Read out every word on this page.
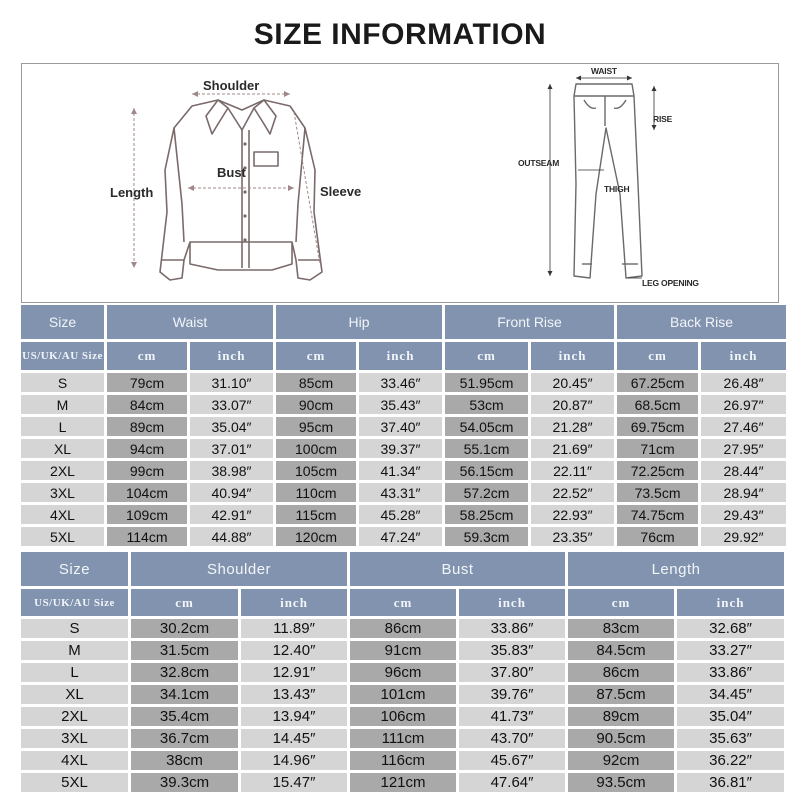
SIZE INFORMATION
Shoulder
Bust
Length	Sleeve
WAIST
RISE
OUTSEAM
THIGH
LEG OPENING
Size	Waist		Hip		Front Rise		Back Rise	
US/UK/AU Size	cm	inch	cm	inch	cm	inch	cm	inch
S	79cm	31.10″	85cm	33.46″	51.95cm	20.45″	67.25cm	26.48″
M	84cm	33.07″	90cm	35.43″	53cm	20.87″	68.5cm	26.97″
L	89cm	35.04″	95cm	37.40″	54.05cm	21.28″	69.75cm	27.46″
XL	94cm	37.01″	100cm	39.37″	55.1cm	21.69″	71cm	27.95″
2XL	99cm	38.98″	105cm	41.34″	56.15cm	22.11″	72.25cm	28.44″
3XL	104cm	40.94″	110cm	43.31″	57.2cm	22.52″	73.5cm	28.94″
4XL	109cm	42.91″	115cm	45.28″	58.25cm	22.93″	74.75cm	29.43″
5XL	114cm	44.88″	120cm	47.24″	59.3cm	23.35″	76cm	29.92″
Size	Shoulder		Bust		Length	
US/UK/AU Size	cm	inch	cm	inch	cm	inch
S	30.2cm	11.89″	86cm	33.86″	83cm	32.68″
M	31.5cm	12.40″	91cm	35.83″	84.5cm	33.27″
L	32.8cm	12.91″	96cm	37.80″	86cm	33.86″
XL	34.1cm	13.43″	101cm	39.76″	87.5cm	34.45″
2XL	35.4cm	13.94″	106cm	41.73″	89cm	35.04″
3XL	36.7cm	14.45″	111cm	43.70″	90.5cm	35.63″
4XL	38cm	14.96″	116cm	45.67″	92cm	36.22″
5XL	39.3cm	15.47″	121cm	47.64″	93.5cm	36.81″
